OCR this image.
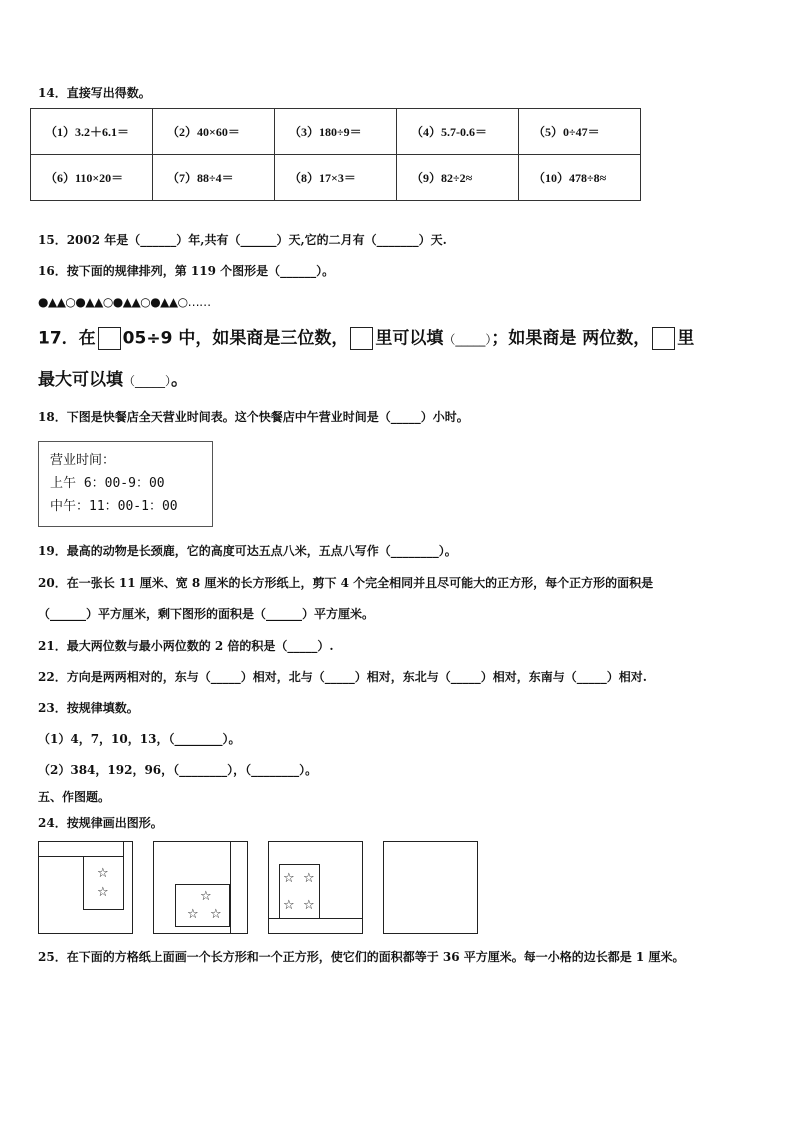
14．直接写出得数。
（1）3.2＋6.1＝	（2）40×60＝	（3）180÷9＝	（4）5.7-0.6＝	（5）0÷47＝
（6）110×20＝	（7）88÷4＝	（8）17×3＝	（9）82÷2≈	（10）478÷8≈
15．2002 年是（______）年,共有（______）天,它的二月有（_______）天.
16．按下面的规律排列，第 119 个图形是（______）。
●▲▲○●▲▲○●▲▲○●▲▲○……
17．在 05÷9 中，如果商是三位数， 里可以填（_____）；如果商是 两位数， 里
最大可以填（_____）。
18．下图是快餐店全天营业时间表。这个快餐店中午营业时间是（_____）小时。
营业时间：
上午 6：00-9：00
中午：11：00-1：00
19．最高的动物是长颈鹿，它的高度可达五点八米，五点八写作（________）。
20．在一张长 11 厘米、宽 8 厘米的长方形纸上，剪下 4 个完全相同并且尽可能大的正方形，每个正方形的面积是
（______）平方厘米，剩下图形的面积是（______）平方厘米。
21．最大两位数与最小两位数的 2 倍的积是（_____）.
22．方向是两两相对的，东与（_____）相对，北与（_____）相对，东北与（_____）相对，东南与（_____）相对.
23．按规律填数。
（1）4，7，10，13，（________）。
（2）384，192，96，（________），（________）。
五、作图题。
24．按规律画出图形。
☆
☆	☆
☆ ☆
☆ ☆
☆ ☆
25．在下面的方格纸上面画一个长方形和一个正方形，使它们的面积都等于 36 平方厘米。每一小格的边长都是 1 厘米。
